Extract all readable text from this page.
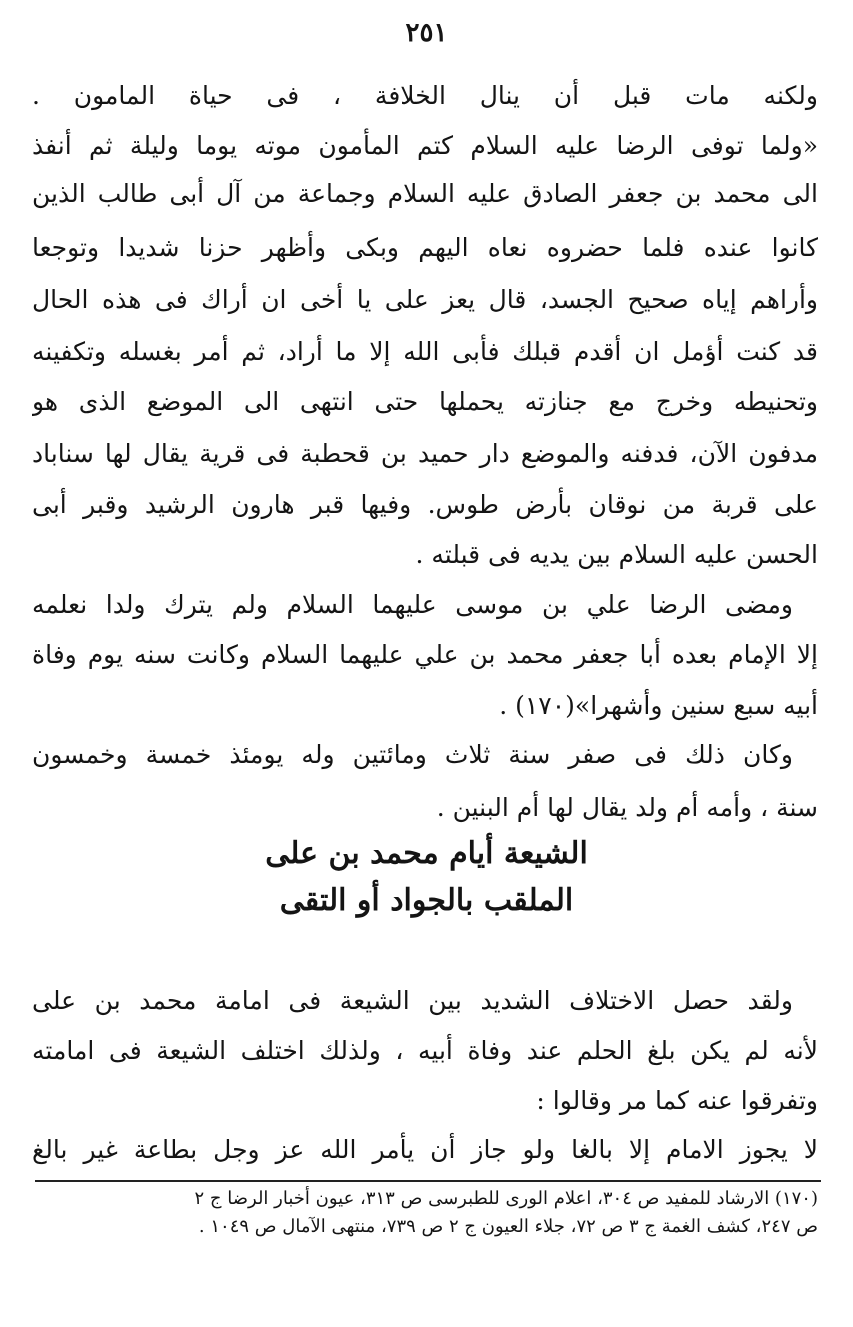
٢٥١
ولكنه مات قبل أن ينال الخلافة ، فى حياة المامون .
«ولما توفى الرضا عليه السلام كتم المأمون موته يوما وليلة ثم أنفذ
الى محمد بن جعفر الصادق عليه السلام وجماعة من آل أبى طالب الذين
كانوا عنده فلما حضروه نعاه اليهم وبكى وأظهر حزنا شديدا وتوجعا
وأراهم إياه صحيح الجسد، قال يعز على يا أخى ان أراك فى هذه الحال
قد كنت أؤمل ان أقدم قبلك فأبى الله إلا ما أراد، ثم أمر بغسله وتكفينه
وتحنيطه وخرج مع جنازته يحملها حتى انتهى الى الموضع الذى هو
مدفون الآن، فدفنه والموضع دار حميد بن قحطبة فى قرية يقال لها سناباد
على قربة من نوقان بأرض طوس. وفيها قبر هارون الرشيد وقبر أبى
الحسن عليه السلام بين يديه فى قبلته .
ومضى الرضا علي بن موسى عليهما السلام ولم يترك ولدا نعلمه
إلا الإمام بعده أبا جعفر محمد بن علي عليهما السلام وكانت سنه يوم وفاة
أبيه سبع سنين وأشهرا»(١٧٠) .
وكان ذلك فى صفر سنة ثلاث ومائتين وله يومئذ خمسة وخمسون
سنة ، وأمه أم ولد يقال لها أم البنين .
الشيعة أيام محمد بن على
الملقب بالجواد أو التقى
ولقد حصل الاختلاف الشديد بين الشيعة فى امامة محمد بن على
لأنه لم يكن بلغ الحلم عند وفاة أبيه ، ولذلك اختلف الشيعة فى امامته
وتفرقوا عنه كما مر وقالوا :
لا يجوز الامام إلا بالغا ولو جاز أن يأمر الله عز وجل بطاعة غير بالغ
(١٧٠) الارشاد للمفيد ص ٣٠٤، اعلام الورى للطبرسى ص ٣١٣، عيون أخبار الرضا ج ٢
ص ٢٤٧، كشف الغمة ج ٣ ص ٧٢، جلاء العيون ج ٢ ص ٧٣٩، منتهى الآمال ص ١٠٤٩ .
